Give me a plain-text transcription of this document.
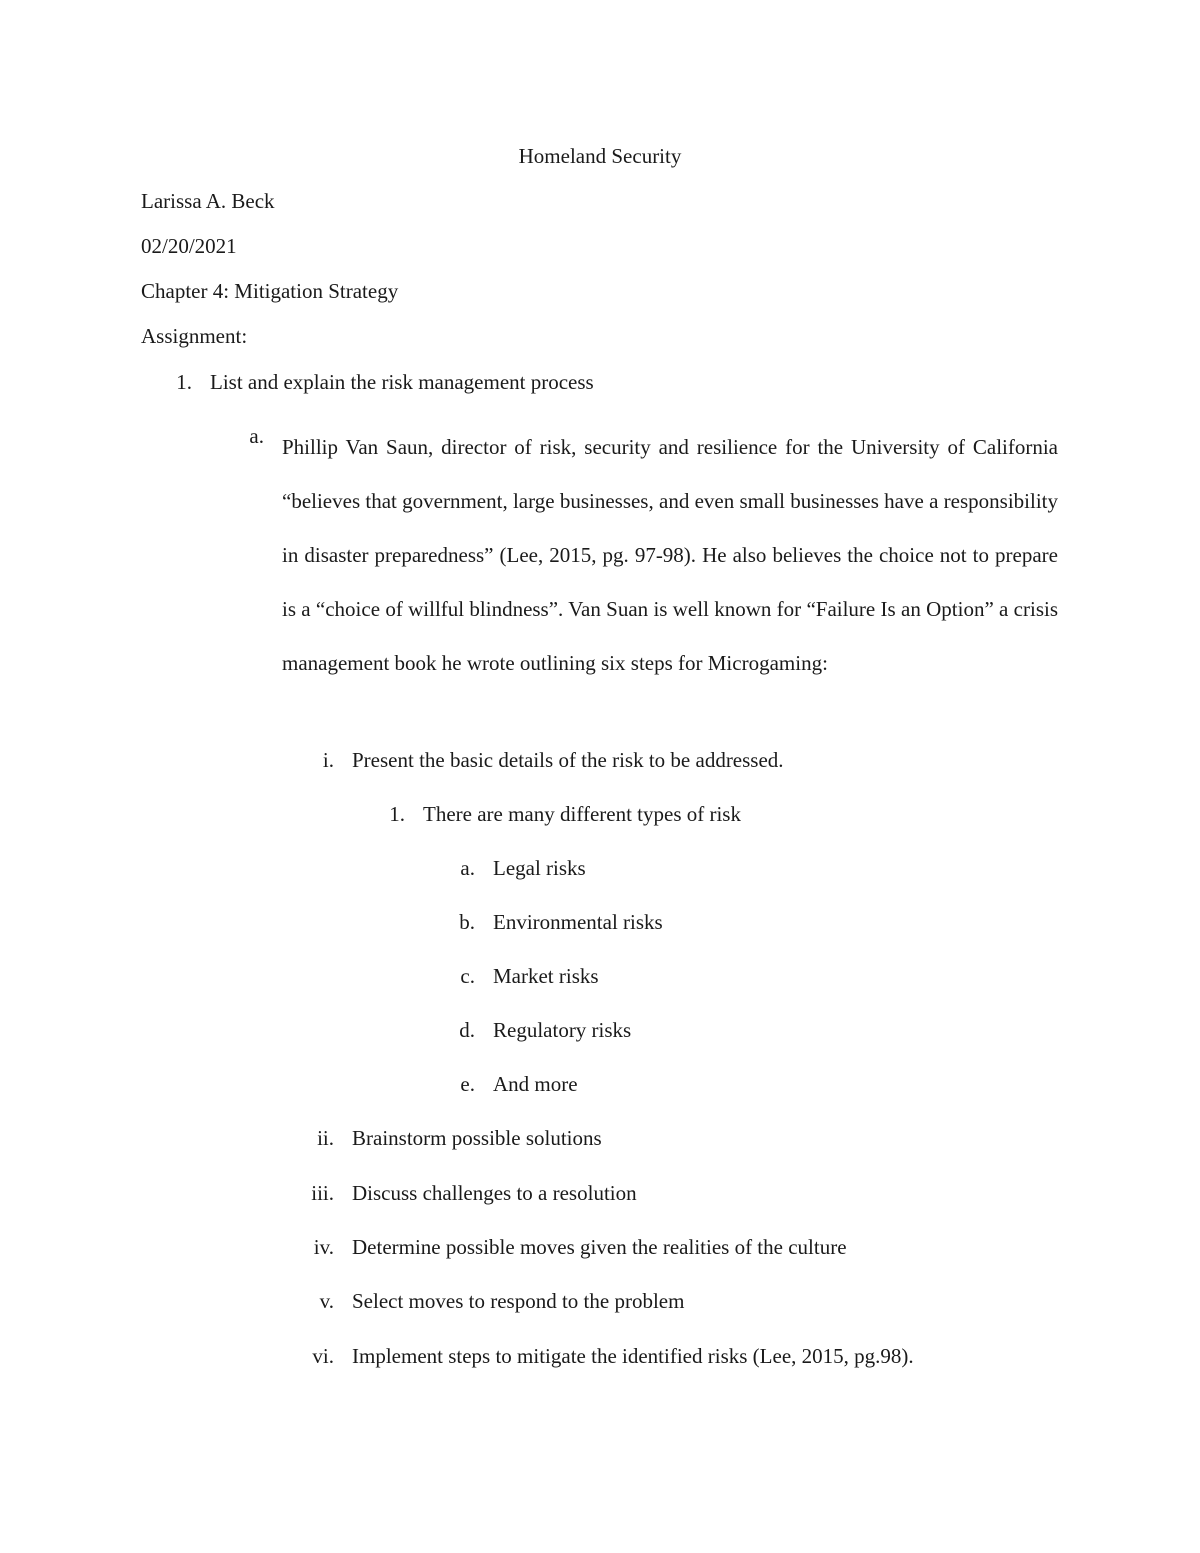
Homeland Security
Larissa A. Beck
02/20/2021
Chapter 4: Mitigation Strategy
Assignment:
1. List and explain the risk management process
a. Phillip Van Saun, director of risk, security and resilience for the University of California “believes that government, large businesses, and even small businesses have a responsibility in disaster preparedness” (Lee, 2015, pg. 97-98). He also believes the choice not to prepare is a “choice of willful blindness”. Van Suan is well known for “Failure Is an Option” a crisis management book he wrote outlining six steps for Microgaming:
i. Present the basic details of the risk to be addressed.
1. There are many different types of risk
a. Legal risks
b. Environmental risks
c. Market risks
d. Regulatory risks
e. And more
ii. Brainstorm possible solutions
iii. Discuss challenges to a resolution
iv. Determine possible moves given the realities of the culture
v. Select moves to respond to the problem
vi. Implement steps to mitigate the identified risks (Lee, 2015, pg.98).
